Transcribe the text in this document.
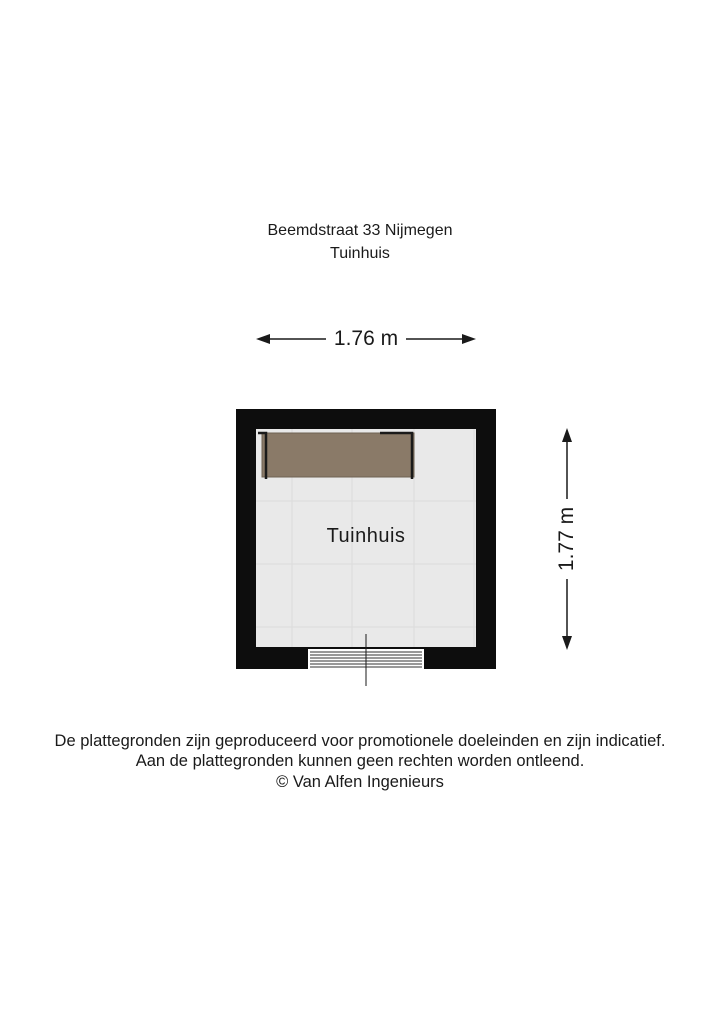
Beemdstraat 33 Nijmegen
Tuinhuis
1.76 m
1.77 m
Tuinhuis
De plattegronden zijn geproduceerd voor promotionele doeleinden en zijn indicatief.
Aan de plattegronden kunnen geen rechten worden ontleend.
© Van Alfen Ingenieurs
